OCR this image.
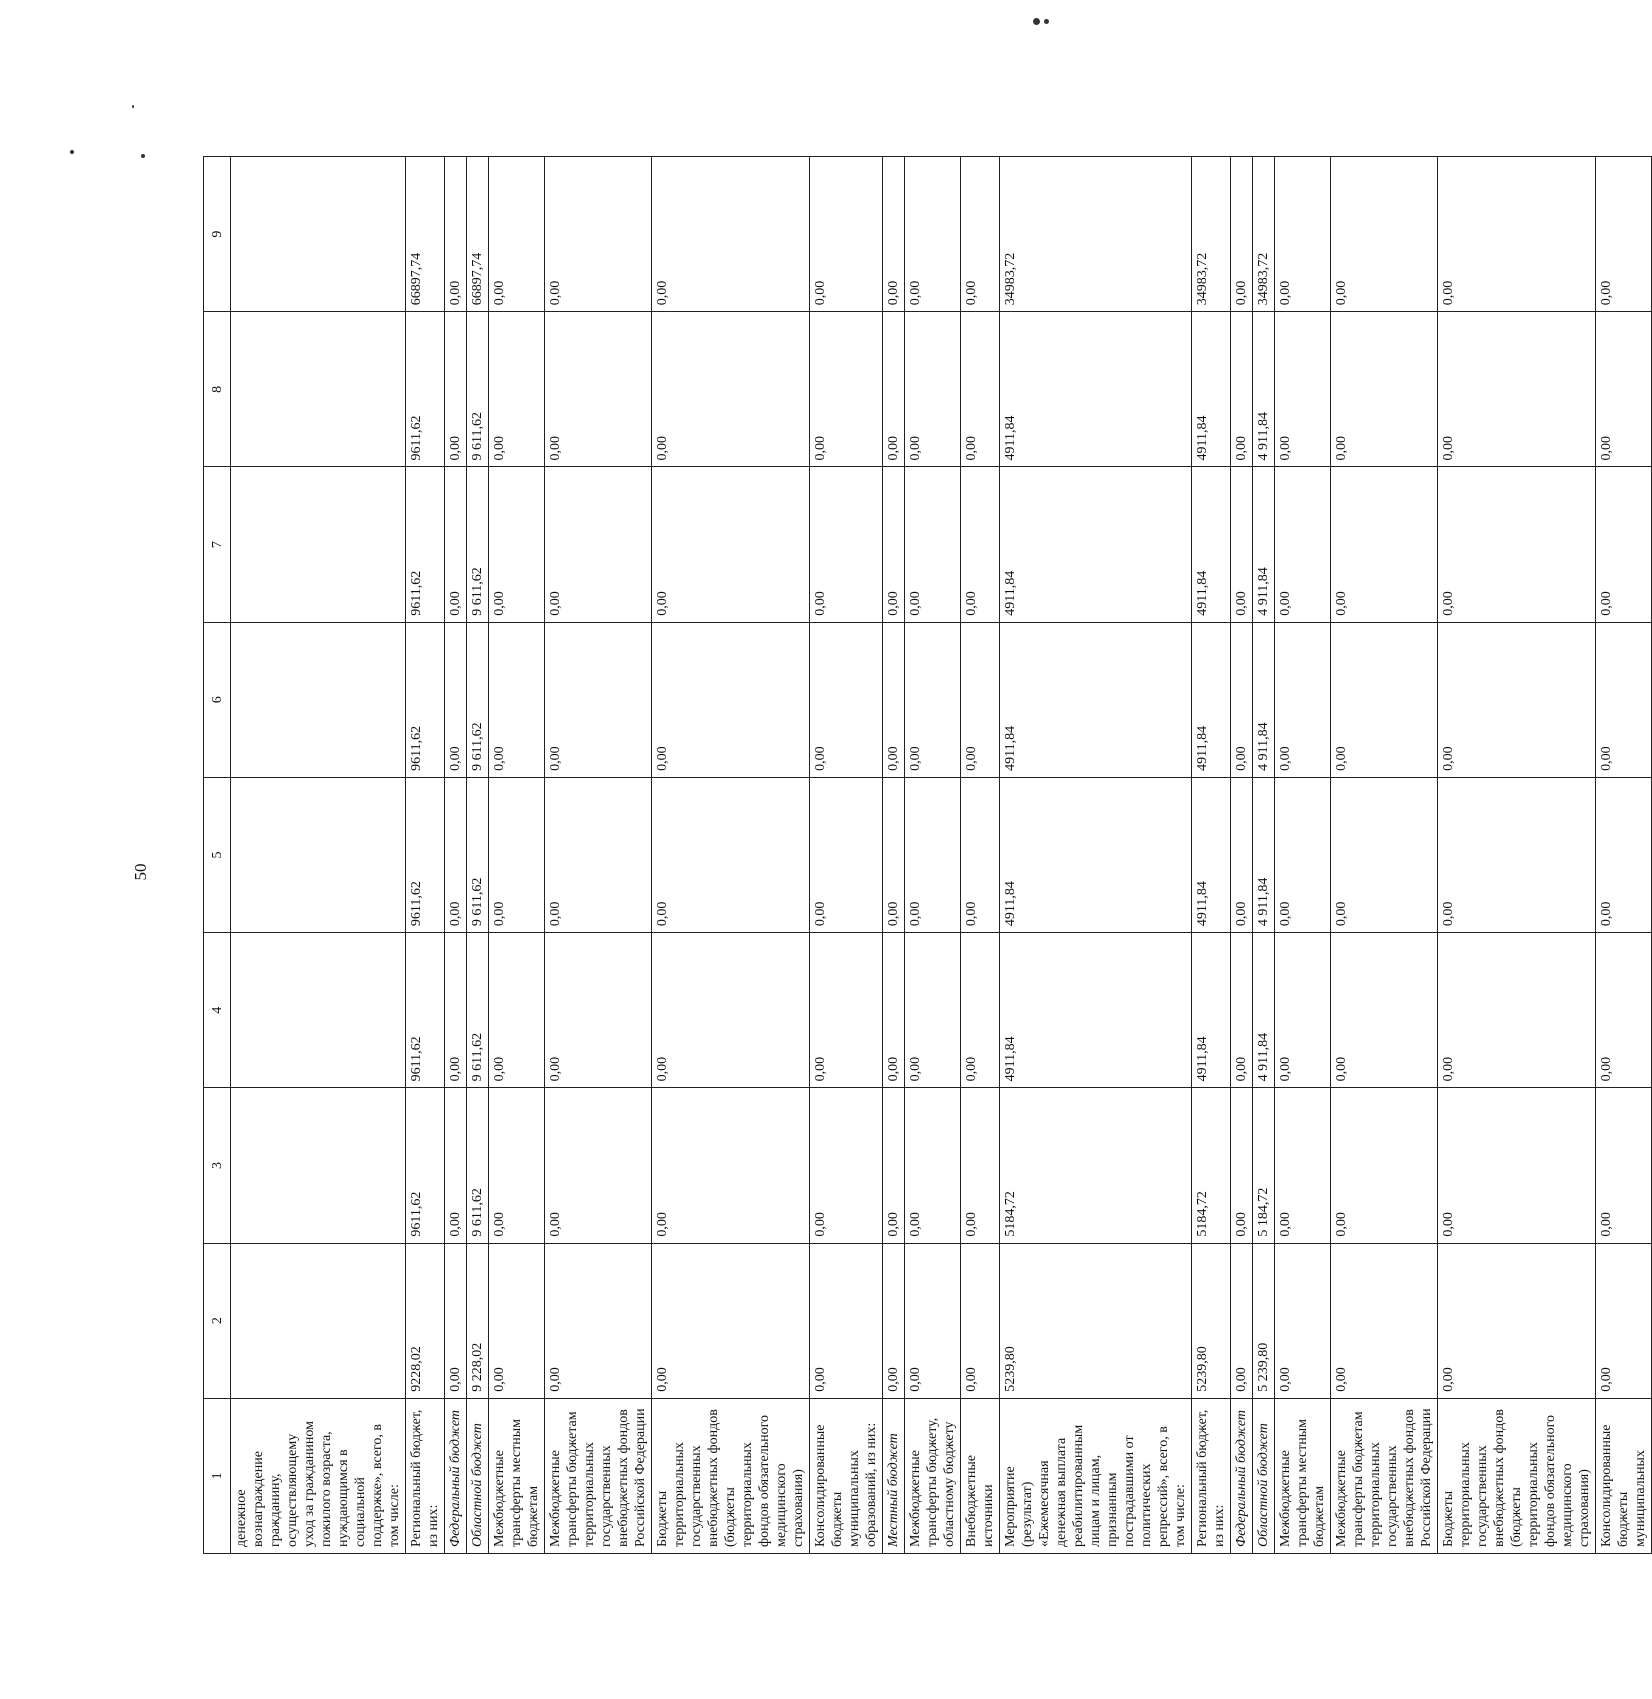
50
1	2	3	4	5	6	7	8	9
денежное вознаграждение гражданину, осуществляющему уход за гражданином пожилого возраста, нуждающимся в социальной поддержке», всего, в том числе:								
Региональный бюджет, из них:	9228,02	9611,62	9611,62	9611,62	9611,62	9611,62	9611,62	66897,74
Федеральный бюджет	0,00	0,00	0,00	0,00	0,00	0,00	0,00	0,00
Областной бюджет	9 228,02	9 611,62	9 611,62	9 611,62	9 611,62	9 611,62	9 611,62	66897,74
Межбюджетные трансферты местным бюджетам	0,00	0,00	0,00	0,00	0,00	0,00	0,00	0,00
Межбюджетные трансферты бюджетам территориальных государственных внебюджетных фондов Российской Федерации	0,00	0,00	0,00	0,00	0,00	0,00	0,00	0,00
Бюджеты территориальных государственных внебюджетных фондов (бюджеты территориальных фондов обязательного медицинского страхования)	0,00	0,00	0,00	0,00	0,00	0,00	0,00	0,00
Консолидированные бюджеты муниципальных образований, из них:	0,00	0,00	0,00	0,00	0,00	0,00	0,00	0,00
Местный бюджет	0,00	0,00	0,00	0,00	0,00	0,00	0,00	0,00
Межбюджетные трансферты бюджету, областному бюджету	0,00	0,00	0,00	0,00	0,00	0,00	0,00	0,00
Внебюджетные источники	0,00	0,00	0,00	0,00	0,00	0,00	0,00	0,00
Мероприятие (результат) «Ежемесячная денежная выплата реабилитированным лицам и лицам, признанным пострадавшими от политических репрессий», всего, в том числе:	5239,80	5184,72	4911,84	4911,84	4911,84	4911,84	4911,84	34983,72
Региональный бюджет, из них:	5239,80	5184,72	4911,84	4911,84	4911,84	4911,84	4911,84	34983,72
Федеральный бюджет	0,00	0,00	0,00	0,00	0,00	0,00	0,00	0,00
Областной бюджет	5 239,80	5 184,72	4 911,84	4 911,84	4 911,84	4 911,84	4 911,84	34983,72
Межбюджетные трансферты местным бюджетам	0,00	0,00	0,00	0,00	0,00	0,00	0,00	0,00
Межбюджетные трансферты бюджетам территориальных государственных внебюджетных фондов Российской Федерации	0,00	0,00	0,00	0,00	0,00	0,00	0,00	0,00
Бюджеты территориальных государственных внебюджетных фондов (бюджеты территориальных фондов обязательного медицинского страхования)	0,00	0,00	0,00	0,00	0,00	0,00	0,00	0,00
Консолидированные бюджеты муниципальных	0,00	0,00	0,00	0,00	0,00	0,00	0,00	0,00
